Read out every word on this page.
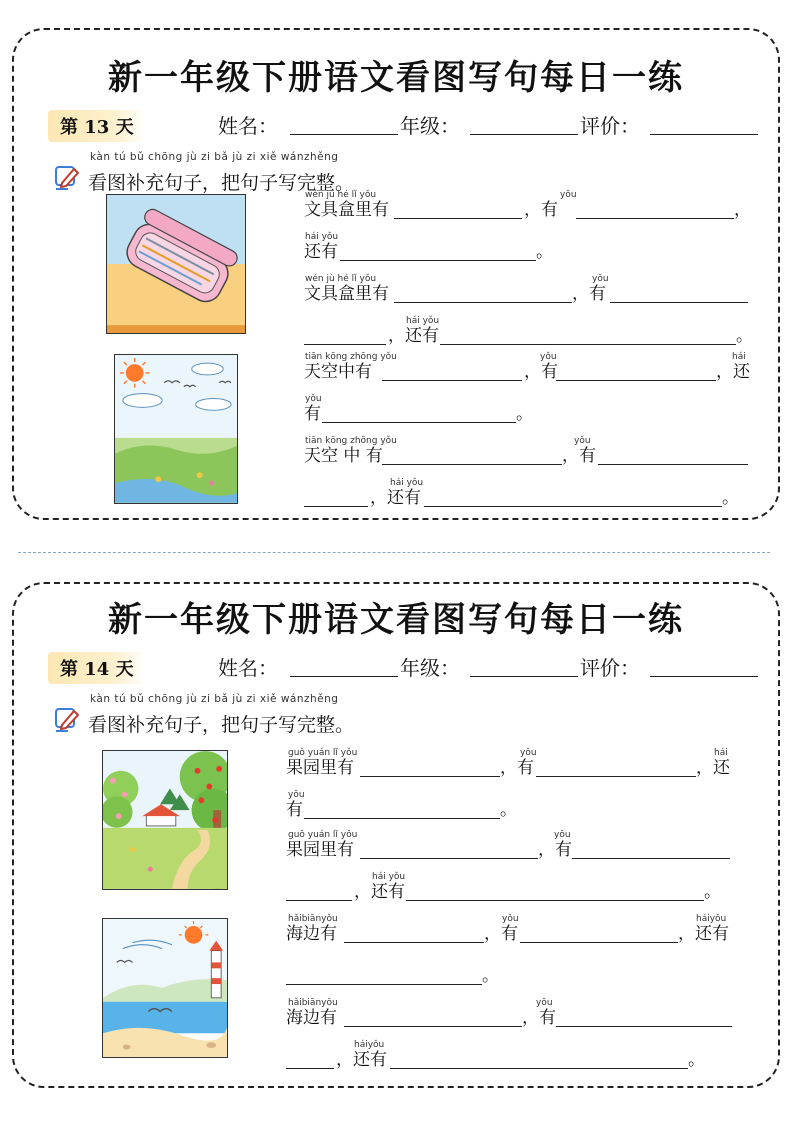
新一年级下册语文看图写句每日一练
第 13 天	姓名：	年级：	评价：
kàn tú bǔ chōng jù zi bǎ jù zi xiě wánzhěng
看图补充句子，把句子写完整。
wén jù hé lǐ yǒu
文具盒里有
yǒu
，有	，
hái yǒu
还有	。
wén jù hé lǐ yǒu
文具盒里有
yǒu
，有
hái yǒu
，还有	。
tiān kōng zhōng yǒu
天空中有
yǒu
，有
hái
，还
yǒu
有	。
tiān kōng zhōng yǒu
天空 中 有
yǒu
，有
hái yǒu
，还有	。
新一年级下册语文看图写句每日一练
第 14 天	姓名：	年级：	评价：
kàn tú bǔ chōng jù zi bǎ jù zi xiě wánzhěng
看图补充句子，把句子写完整。
guǒ yuán lǐ yǒu
果园里有
yǒu
，有
hái
，还
yǒu
有	。
guǒ yuán lǐ yǒu
果园里有
yǒu
，有
hái yǒu
，还有	。
hǎibiānyǒu
海边有
yǒu
，有
háiyǒu
，还有
。
hǎibiānyǒu
海边有
yǒu
，有
háiyǒu
，还有	。
